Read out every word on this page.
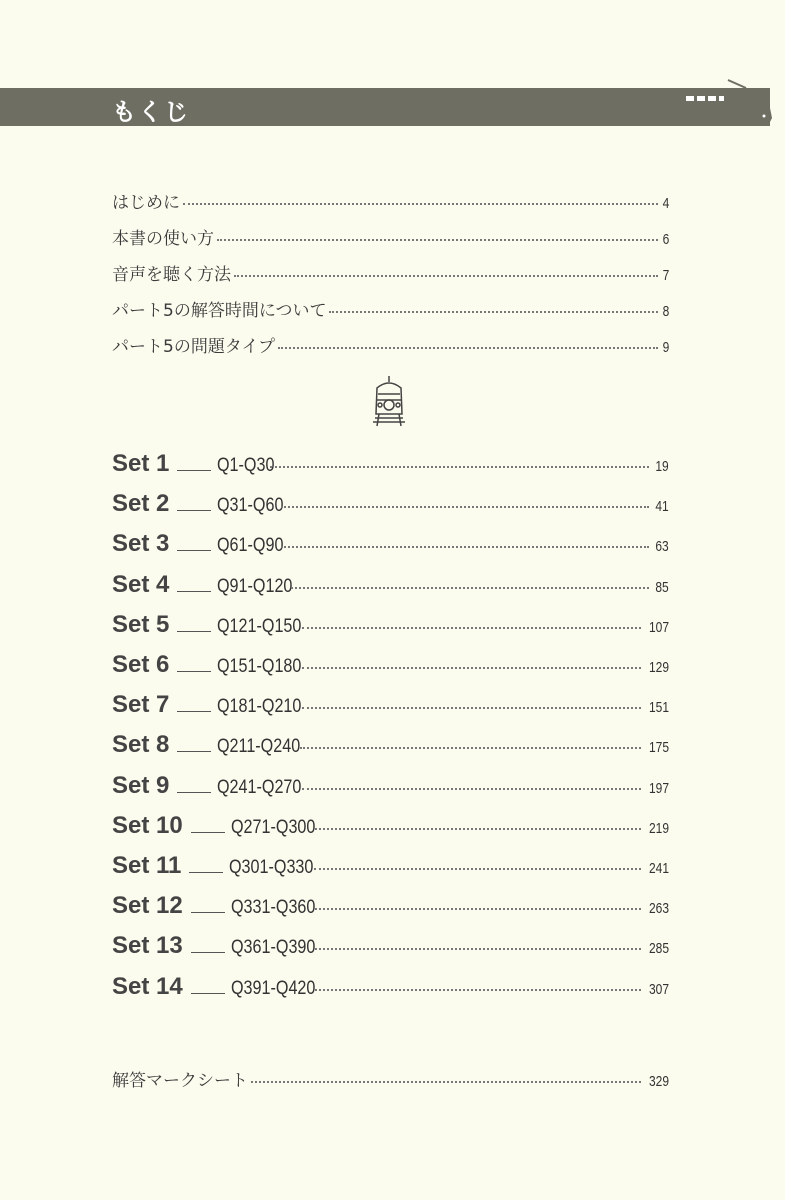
もくじ
はじめに	4
本書の使い方	6
音声を聴く方法	7
パート5の解答時間について	8
パート5の問題タイプ	9
Set 1	Q1-Q30	19
Set 2	Q31-Q60	41
Set 3	Q61-Q90	63
Set 4	Q91-Q120	85
Set 5	Q121-Q150	107
Set 6	Q151-Q180	129
Set 7	Q181-Q210	151
Set 8	Q211-Q240	175
Set 9	Q241-Q270	197
Set 10	Q271-Q300	219
Set 11	Q301-Q330	241
Set 12	Q331-Q360	263
Set 13	Q361-Q390	285
Set 14	Q391-Q420	307
解答マークシート	329
